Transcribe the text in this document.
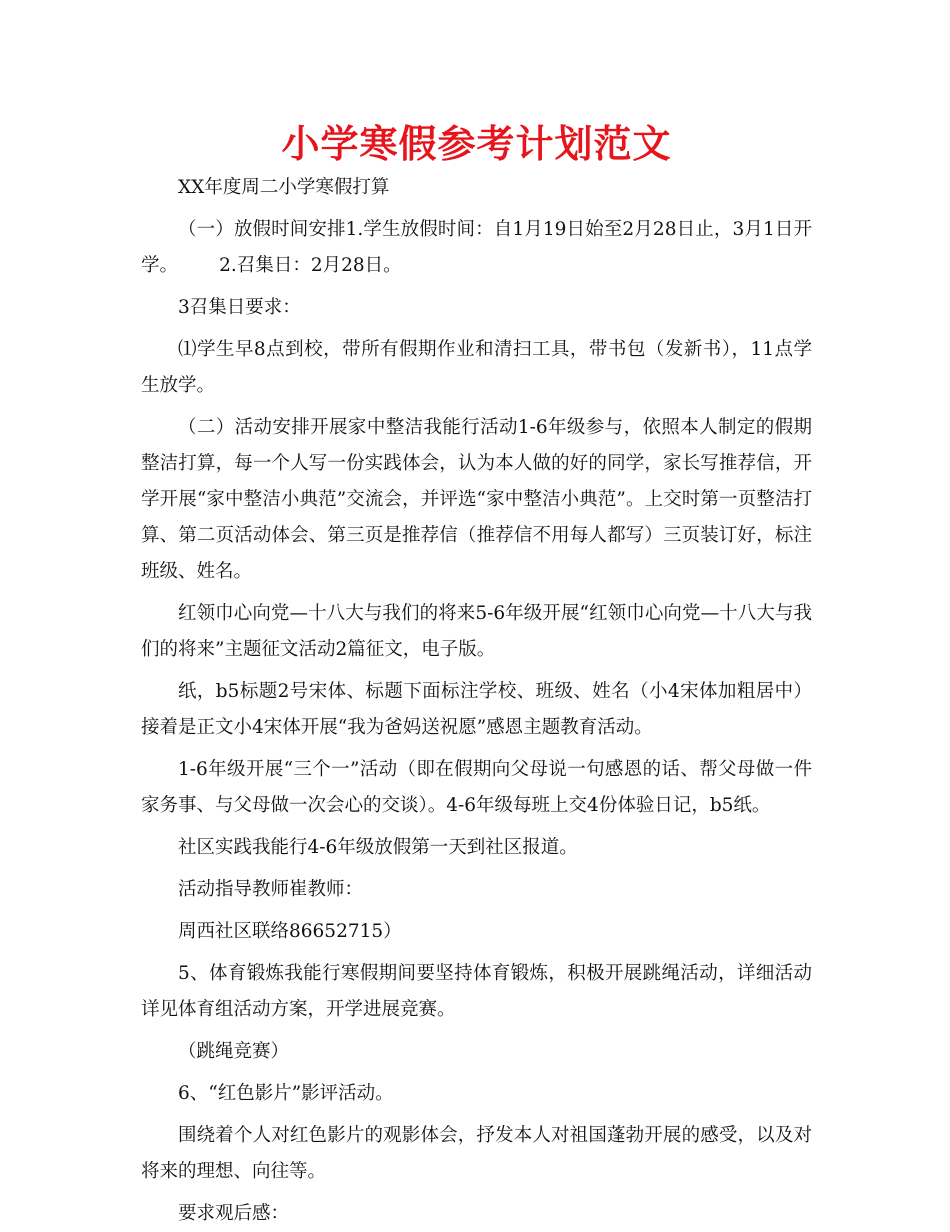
小学寒假参考计划范文

XX年度周二小学寒假打算

（一）放假时间安排1.学生放假时间：自1月19日始至2月28日止，3月1日开学。       2.召集日：2月28日。

3召集日要求：

⑴学生早8点到校，带所有假期作业和清扫工具，带书包（发新书），11点学生放学。

（二）活动安排开展家中整洁我能行活动1-6年级参与，依照本人制定的假期整洁打算，每一个人写一份实践体会，认为本人做的好的同学，家长写推荐信，开学开展“家中整洁小典范”交流会，并评选“家中整洁小典范”。上交时第一页整洁打算、第二页活动体会、第三页是推荐信（推荐信不用每人都写）三页装订好，标注班级、姓名。

红领巾心向党—十八大与我们的将来5-6年级开展“红领巾心向党—十八大与我们的将来”主题征文活动2篇征文，电子版。

纸，b5标题2号宋体、标题下面标注学校、班级、姓名（小4宋体加粗居中）接着是正文小4宋体开展“我为爸妈送祝愿”感恩主题教育活动。

1-6年级开展“三个一”活动（即在假期向父母说一句感恩的话、帮父母做一件家务事、与父母做一次会心的交谈）。4-6年级每班上交4份体验日记，b5纸。

社区实践我能行4-6年级放假第一天到社区报道。

活动指导教师崔教师：

周西社区联络86652715）

5、体育锻炼我能行寒假期间要坚持体育锻炼，积极开展跳绳活动，详细活动详见体育组活动方案，开学进展竞赛。

（跳绳竞赛）

6、“红色影片”影评活动。

围绕着个人对红色影片的观影体会，抒发本人对祖国蓬勃开展的感受，以及对将来的理想、向往等。

要求观后感：
